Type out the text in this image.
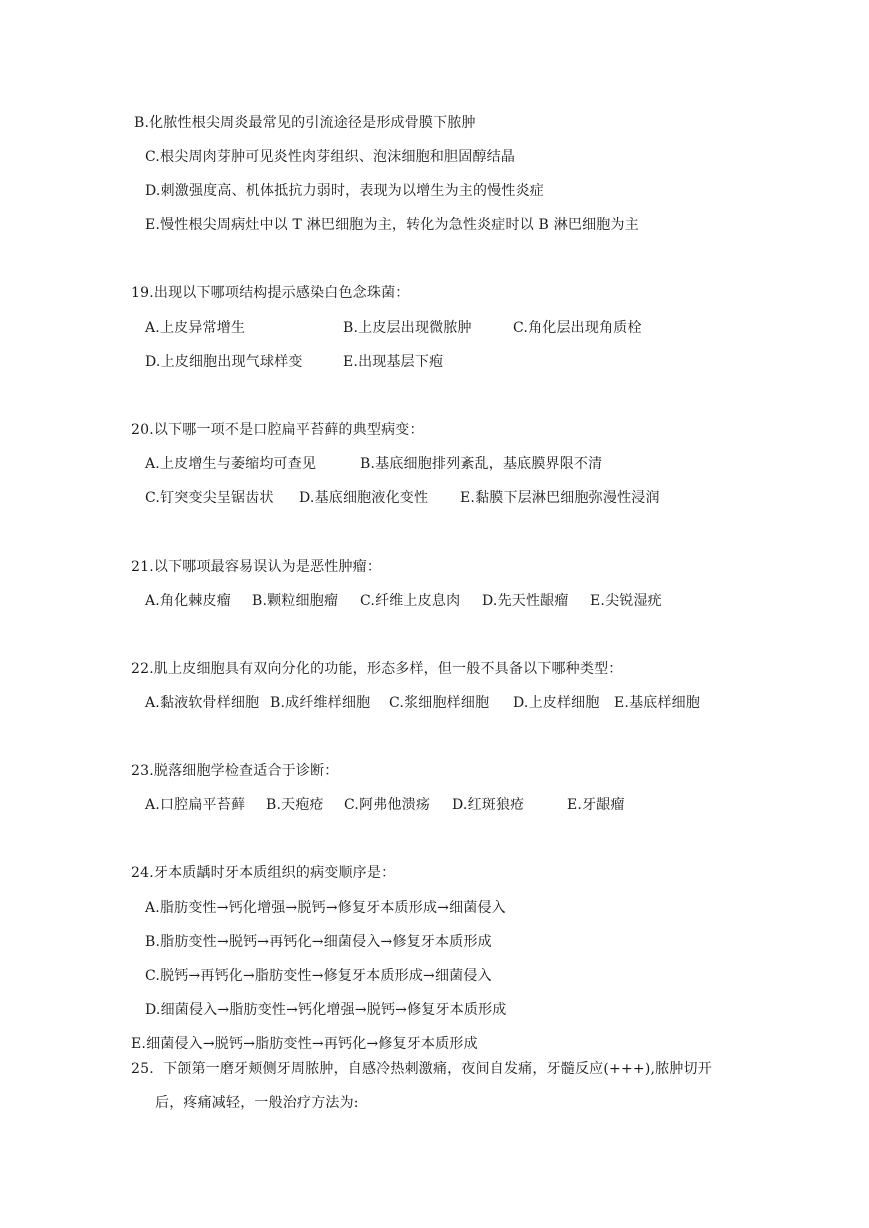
B.化脓性根尖周炎最常见的引流途径是形成骨膜下脓肿
C.根尖周肉芽肿可见炎性肉芽组织、泡沫细胞和胆固醇结晶
D.刺激强度高、机体抵抗力弱时，表现为以增生为主的慢性炎症
E.慢性根尖周病灶中以 T 淋巴细胞为主，转化为急性炎症时以 B 淋巴细胞为主
19.出现以下哪项结构提示感染白色念珠菌：
A.上皮异常增生	B.上皮层出现微脓肿	C.角化层出现角质栓
D.上皮细胞出现气球样变	E.出现基层下疱
20.以下哪一项不是口腔扁平苔藓的典型病变：
A.上皮增生与萎缩均可查见	B.基底细胞排列紊乱，基底膜界限不清
C.钉突变尖呈锯齿状 D.基底细胞液化变性 E.黏膜下层淋巴细胞弥漫性浸润
21.以下哪项最容易误认为是恶性肿瘤：
A.角化棘皮瘤 B.颗粒细胞瘤 C.纤维上皮息肉 D.先天性龈瘤 E.尖锐湿疣
22.肌上皮细胞具有双向分化的功能，形态多样，但一般不具备以下哪种类型：
A.黏液软骨样细胞 B.成纤维样细胞 C.浆细胞样细胞 D.上皮样细胞 E.基底样细胞
23.脱落细胞学检查适合于诊断：
A.口腔扁平苔藓 B.天疱疮 C.阿弗他溃疡 D.红斑狼疮	E.牙龈瘤
24.牙本质龋时牙本质组织的病变顺序是：
A.脂肪变性→钙化增强→脱钙→修复牙本质形成→细菌侵入
B.脂肪变性→脱钙→再钙化→细菌侵入→修复牙本质形成
C.脱钙→再钙化→脂肪变性→修复牙本质形成→细菌侵入
D.细菌侵入→脂肪变性→钙化增强→脱钙→修复牙本质形成
E.细菌侵入→脱钙→脂肪变性→再钙化→修复牙本质形成
25.  下颌第一磨牙颊侧牙周脓肿，自感冷热刺激痛，夜间自发痛，牙髓反应(+++),脓肿切开
后，疼痛减轻，一般治疗方法为:
